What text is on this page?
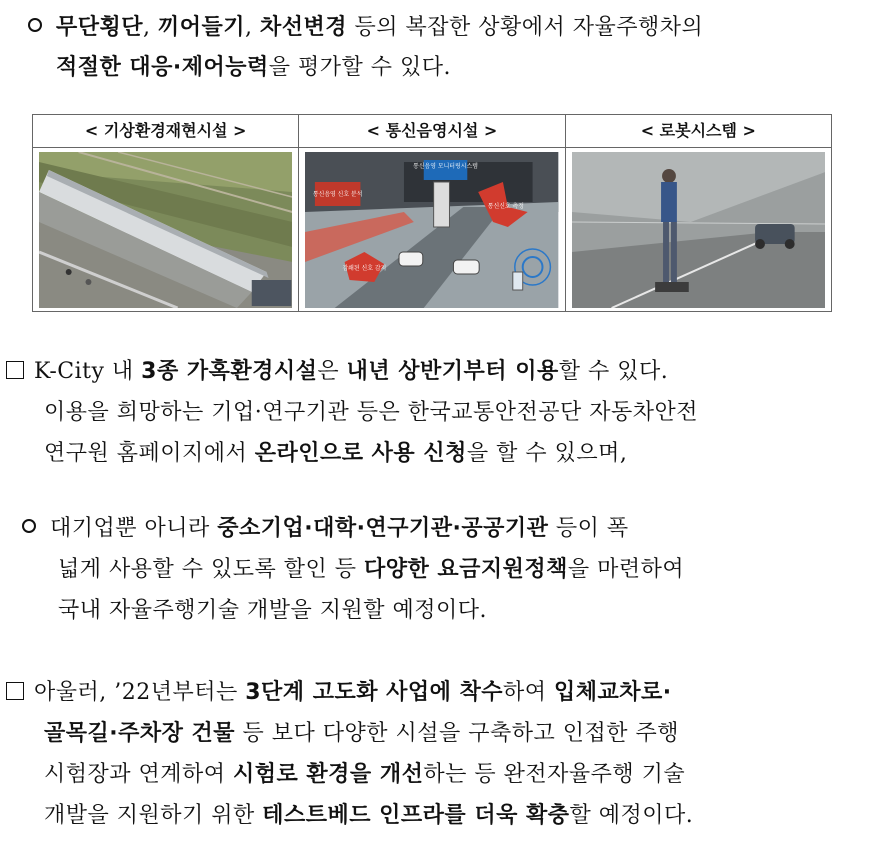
무단횡단, 끼어들기, 차선변경 등의 복잡한 상황에서 자율주행차의
적절한 대응·제어능력을 평가할 수 있다.
< 기상환경재현시설 >	< 통신음영시설 >	< 로봇시스템 >
통신음영 모니터링시스템
통신음영 신호 분석
통신신호 측정
감쇄된 신호 감지
K-City 내 3종 가혹환경시설은 내년 상반기부터 이용할 수 있다.
이용을 희망하는 기업·연구기관 등은 한국교통안전공단 자동차안전
연구원 홈페이지에서 온라인으로 사용 신청을 할 수 있으며,
대기업뿐 아니라 중소기업·대학·연구기관·공공기관 등이 폭
넓게 사용할 수 있도록 할인 등 다양한 요금지원정책을 마련하여
국내 자율주행기술 개발을 지원할 예정이다.
아울러, ’22년부터는 3단계 고도화 사업에 착수하여 입체교차로·
골목길·주차장 건물 등 보다 다양한 시설을 구축하고 인접한 주행
시험장과 연계하여 시험로 환경을 개선하는 등 완전자율주행 기술
개발을 지원하기 위한 테스트베드 인프라를 더욱 확충할 예정이다.
